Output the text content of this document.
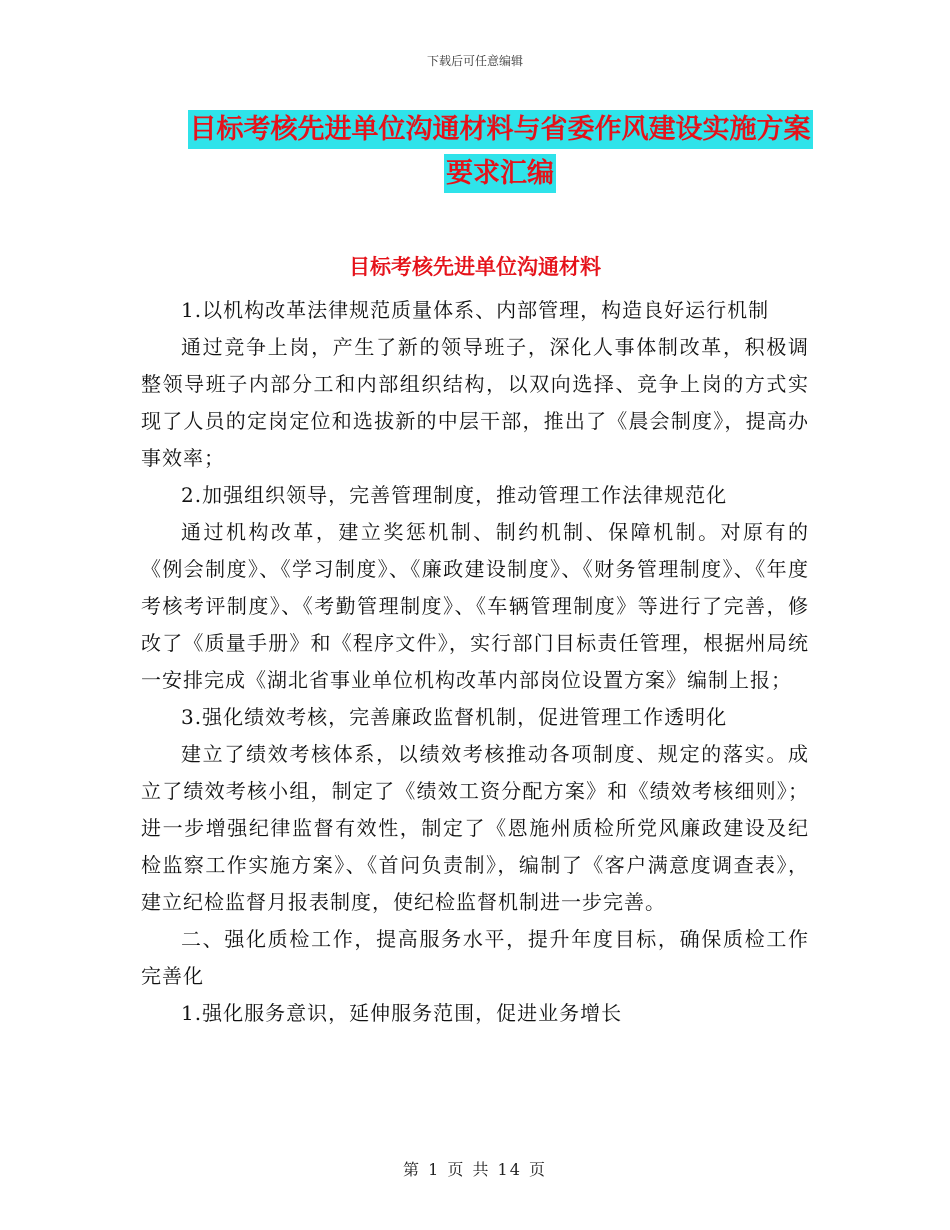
下载后可任意编辑
目标考核先进单位沟通材料与省委作风建设实施方案
要求汇编
目标考核先进单位沟通材料

1.以机构改革法律规范质量体系、内部管理，构造良好运行机制

通过竞争上岗，产生了新的领导班子，深化人事体制改革，积极调整领导班子内部分工和内部组织结构，以双向选择、竞争上岗的方式实现了人员的定岗定位和选拔新的中层干部，推出了《晨会制度》，提高办事效率；

2.加强组织领导，完善管理制度，推动管理工作法律规范化

通过机构改革，建立奖惩机制、制约机制、保障机制。对原有的《例会制度》、《学习制度》、《廉政建设制度》、《财务管理制度》、《年度考核考评制度》、《考勤管理制度》、《车辆管理制度》等进行了完善，修改了《质量手册》和《程序文件》，实行部门目标责任管理，根据州局统一安排完成《湖北省事业单位机构改革内部岗位设置方案》编制上报；

3.强化绩效考核，完善廉政监督机制，促进管理工作透明化

建立了绩效考核体系，以绩效考核推动各项制度、规定的落实。成立了绩效考核小组，制定了《绩效工资分配方案》和《绩效考核细则》；进一步增强纪律监督有效性，制定了《恩施州质检所党风廉政建设及纪检监察工作实施方案》、《首问负责制》，编制了《客户满意度调查表》，建立纪检监督月报表制度，使纪检监督机制进一步完善。

二、强化质检工作，提高服务水平，提升年度目标，确保质检工作完善化

1.强化服务意识，延伸服务范围，促进业务增长

第 1 页 共 14 页
